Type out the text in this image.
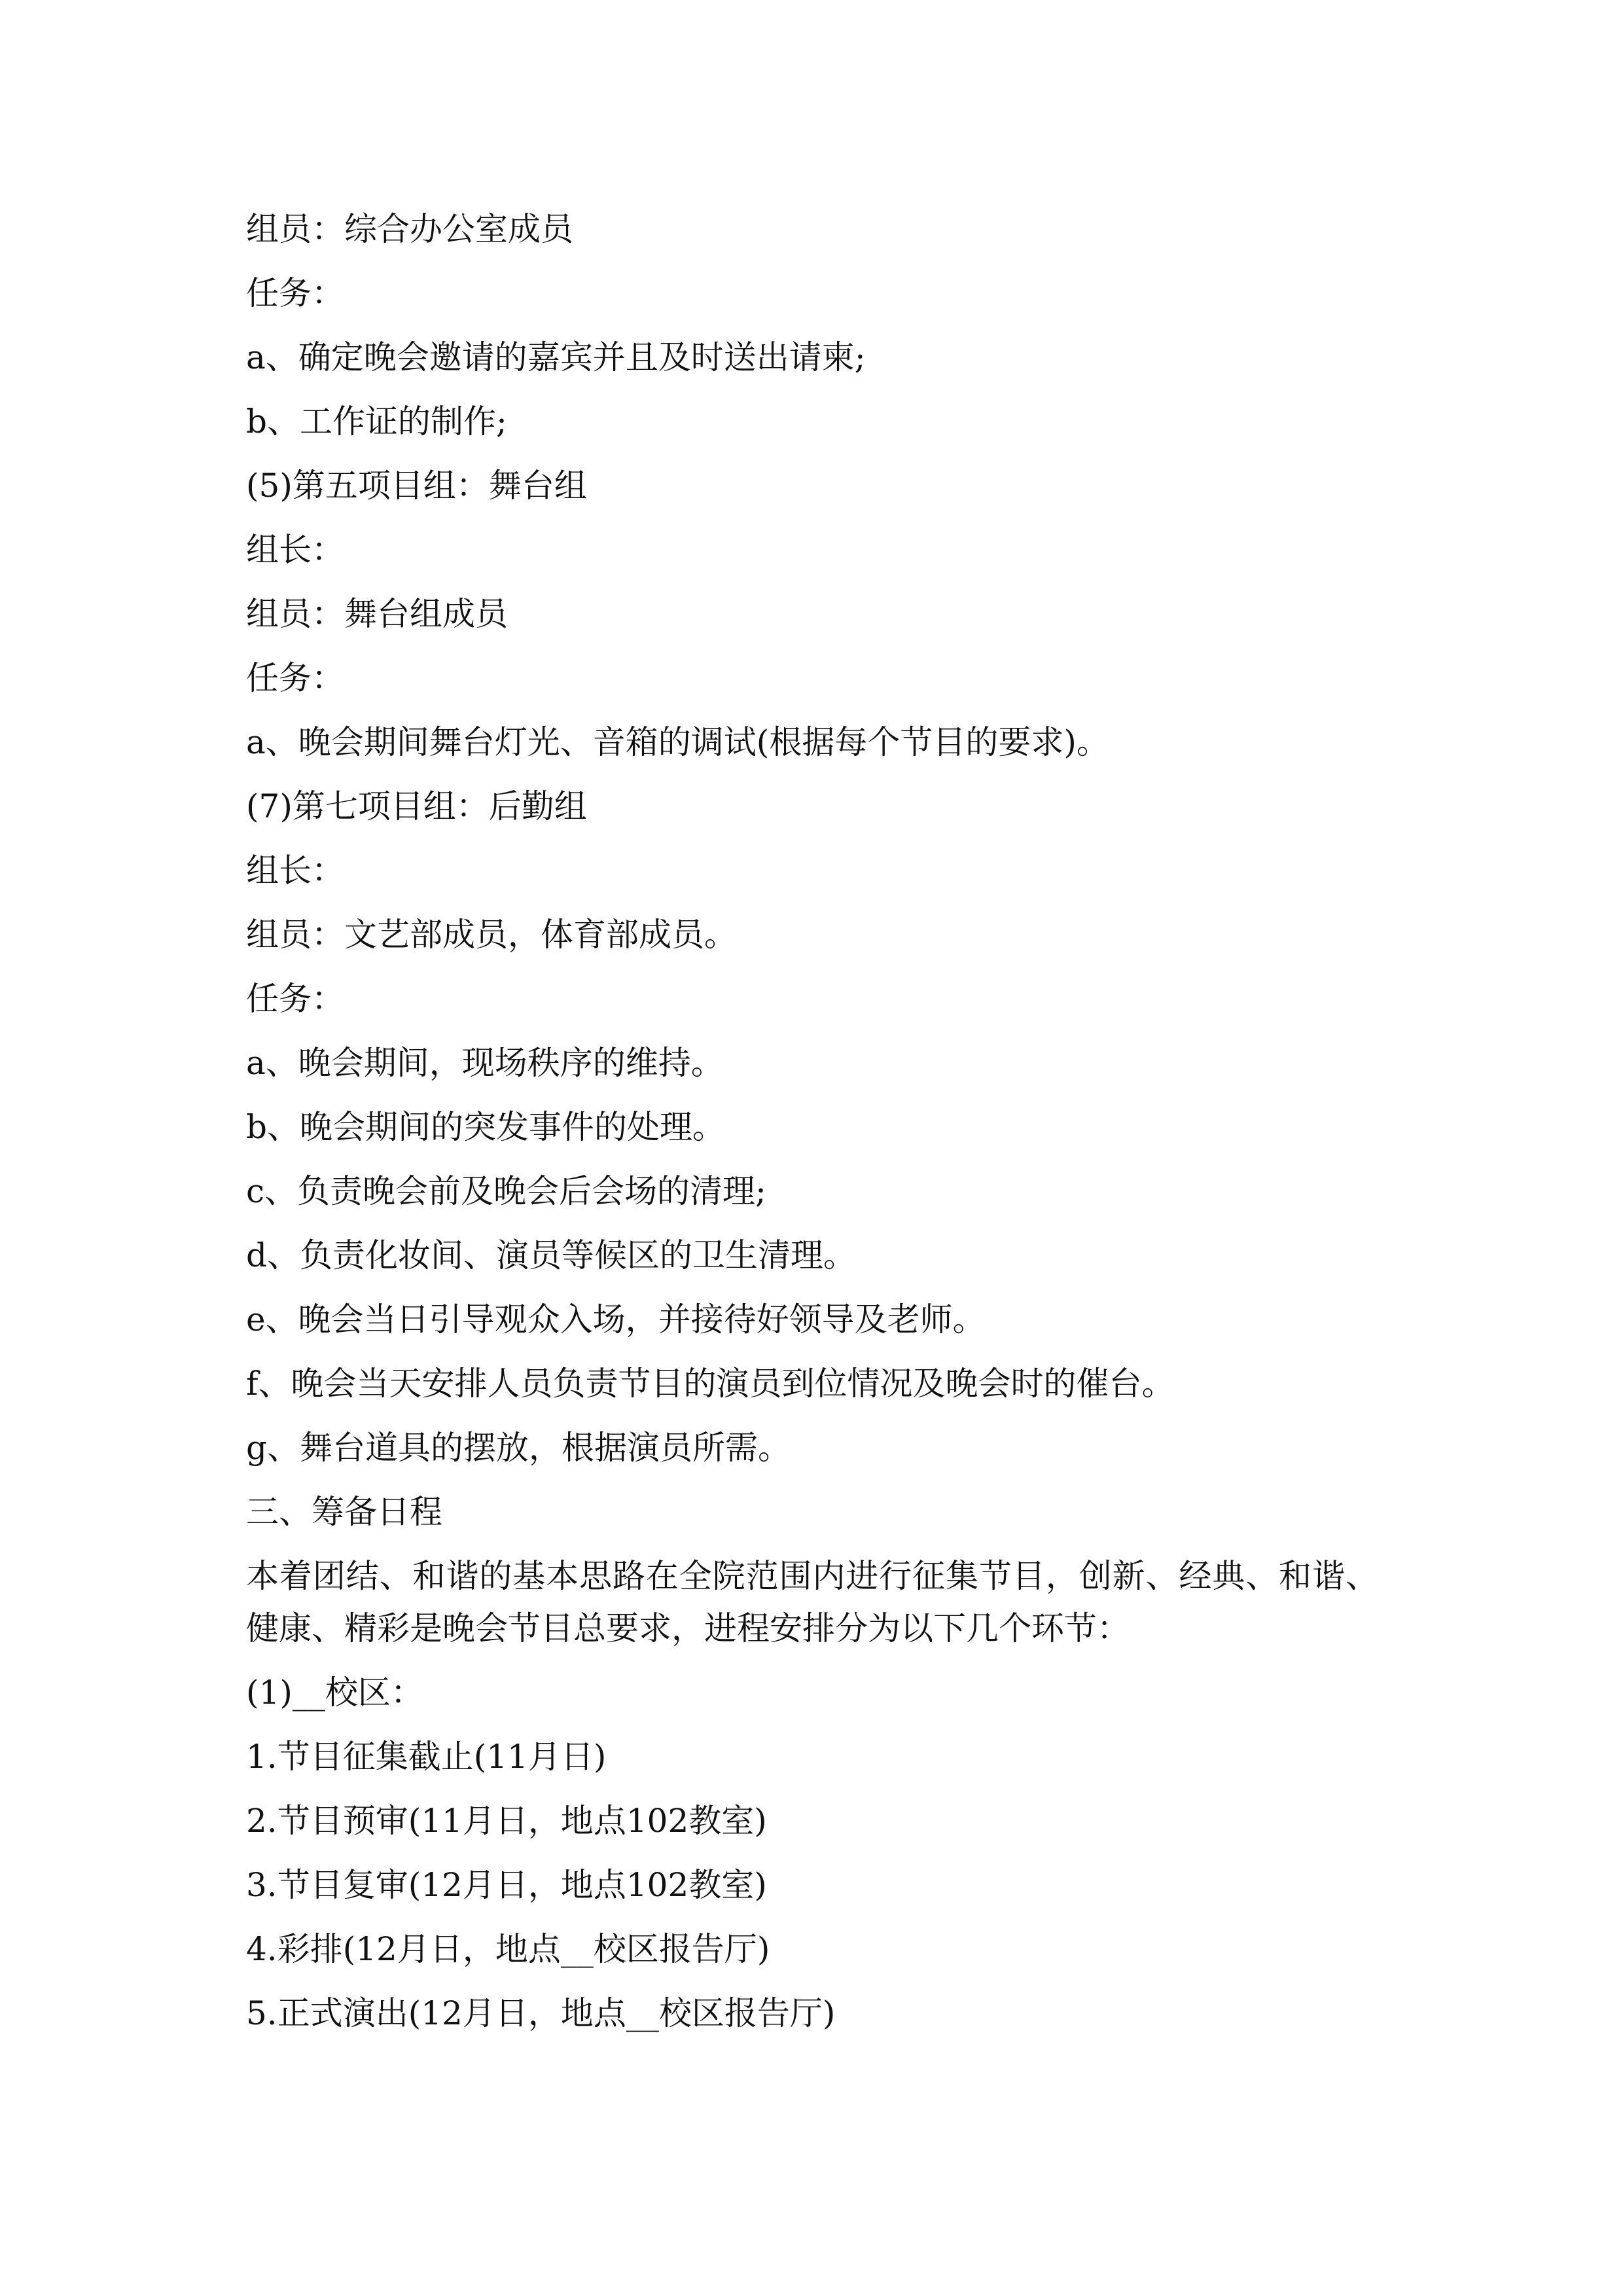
组员：综合办公室成员
任务：
a、确定晚会邀请的嘉宾并且及时送出请柬;
b、工作证的制作;
(5)第五项目组：舞台组
组长：
组员：舞台组成员
任务：
a、晚会期间舞台灯光、音箱的调试(根据每个节目的要求)。
(7)第七项目组：后勤组
组长：
组员：文艺部成员，体育部成员。
任务：
a、晚会期间，现场秩序的维持。
b、晚会期间的突发事件的处理。
c、负责晚会前及晚会后会场的清理;
d、负责化妆间、演员等候区的卫生清理。
e、晚会当日引导观众入场，并接待好领导及老师。
f、晚会当天安排人员负责节目的演员到位情况及晚会时的催台。
g、舞台道具的摆放，根据演员所需。
三、筹备日程
本着团结、和谐的基本思路在全院范围内进行征集节目，创新、经典、和谐、健康、精彩是晚会节目总要求，进程安排分为以下几个环节：
(1)__校区：
1.节目征集截止(11月日)
2.节目预审(11月日，地点102教室)
3.节目复审(12月日，地点102教室)
4.彩排(12月日，地点__校区报告厅)
5.正式演出(12月日，地点__校区报告厅)
